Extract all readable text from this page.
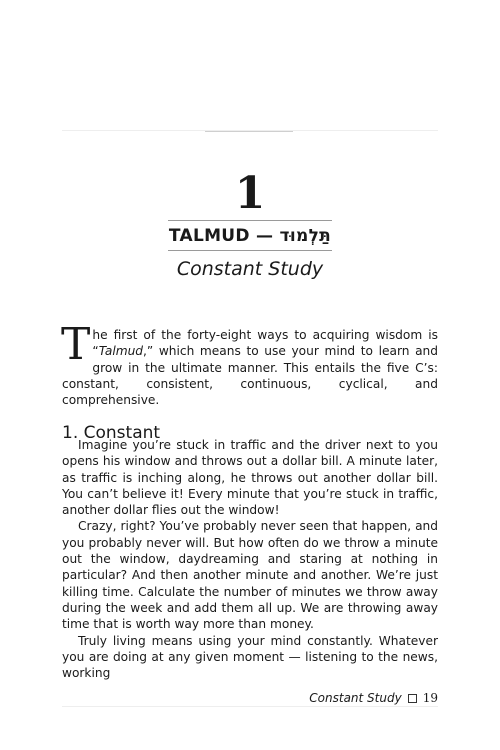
1
TALMUD — תַּלְמוּד
Constant Study

The first of the forty-eight ways to acquiring wisdom is “Talmud,” which means to use your mind to learn and grow in the ultimate manner. This entails the five C’s: constant, consistent, continuous, cyclical, and comprehensive.

1. Constant

Imagine you’re stuck in traffic and the driver next to you opens his window and throws out a dollar bill. A minute later, as traffic is inching along, he throws out another dollar bill. You can’t believe it! Every minute that you’re stuck in traffic, another dollar flies out the window!

Crazy, right? You’ve probably never seen that happen, and you probably never will. But how often do we throw a minute out the window, daydreaming and staring at nothing in particular? And then another minute and another. We’re just killing time. Calculate the number of minutes we throw away during the week and add them all up. We are throwing away time that is worth way more than money.

Truly living means using your mind constantly. Whatever you are doing at any given moment — listening to the news, working

Constant Study 19
